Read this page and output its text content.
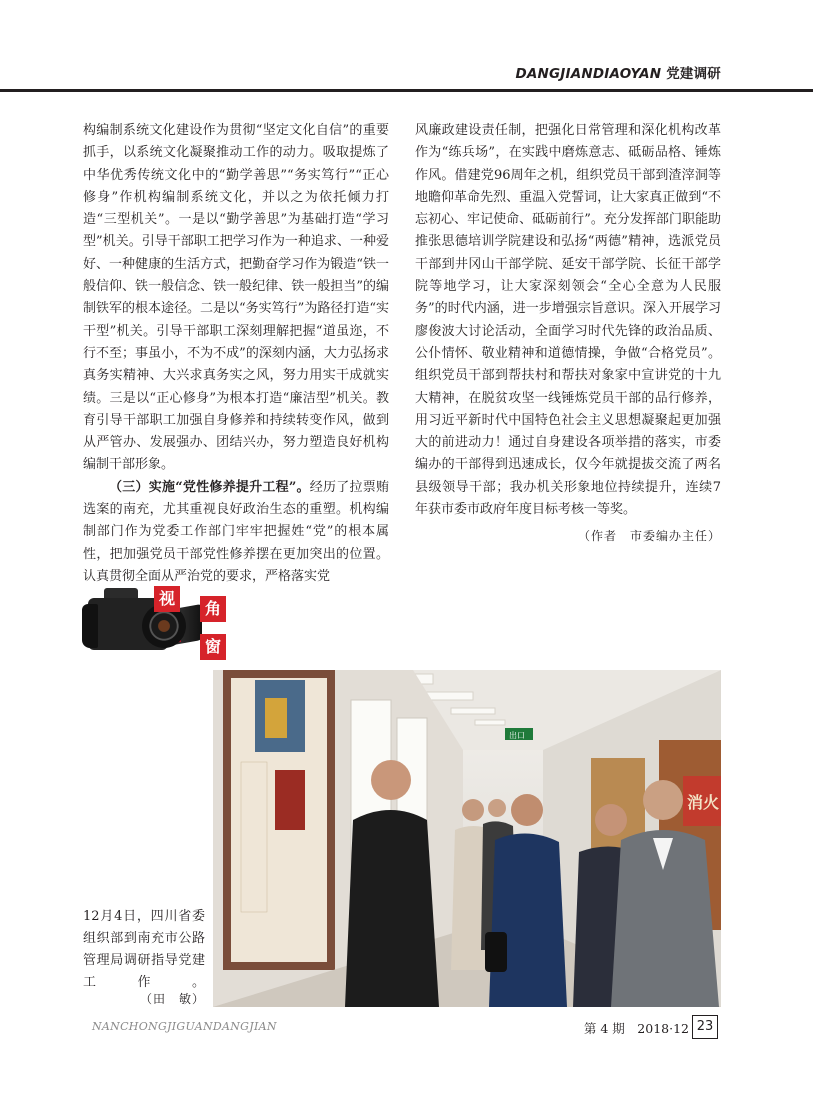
DANGJIANDIAOYAN 党建调研

构编制系统文化建设作为贯彻“坚定文化自信”的重要抓手，以系统文化凝聚推动工作的动力。吸取提炼了中华优秀传统文化中的“勤学善思”“务实笃行”“正心修身”作机构编制系统文化，并以之为依托倾力打造“三型机关”。一是以“勤学善思”为基础打造“学习型”机关。引导干部职工把学习作为一种追求、一种爱好、一种健康的生活方式，把勤奋学习作为锻造“铁一般信仰、铁一般信念、铁一般纪律、铁一般担当”的编制铁军的根本途径。二是以“务实笃行”为路径打造“实干型”机关。引导干部职工深刻理解把握“道虽迩，不行不至；事虽小，不为不成”的深刻内涵，大力弘扬求真务实精神、大兴求真务实之风，努力用实干成就实绩。三是以“正心修身”为根本打造“廉洁型”机关。教育引导干部职工加强自身修养和持续转变作风，做到从严管办、发展强办、团结兴办，努力塑造良好机构编制干部形象。

（三）实施“党性修养提升工程”。经历了拉票贿选案的南充，尤其重视良好政治生态的重塑。机构编制部门作为党委工作部门牢牢把握姓“党”的根本属性，把加强党员干部党性修养摆在更加突出的位置。认真贯彻全面从严治党的要求，严格落实党

风廉政建设责任制，把强化日常管理和深化机构改革作为“练兵场”，在实践中磨炼意志、砥砺品格、锤炼作风。借建党96周年之机，组织党员干部到渣滓洞等地瞻仰革命先烈、重温入党誓词，让大家真正做到“不忘初心、牢记使命、砥砺前行”。充分发挥部门职能助推张思德培训学院建设和弘扬“两德”精神，选派党员干部到井冈山干部学院、延安干部学院、长征干部学院等地学习，让大家深刻领会“全心全意为人民服务”的时代内涵，进一步增强宗旨意识。深入开展学习廖俊波大讨论活动，全面学习时代先锋的政治品质、公仆情怀、敬业精神和道德情操，争做“合格党员”。组织党员干部到帮扶村和帮扶对象家中宣讲党的十九大精神，在脱贫攻坚一线锤炼党员干部的品行修养，用习近平新时代中国特色社会主义思想凝聚起更加强大的前进动力！通过自身建设各项举措的落实，市委编办的干部得到迅速成长，仅今年就提拔交流了两名县级领导干部；我办机关形象地位持续提升，连续7年获市委市政府年度目标考核一等奖。

（作者　市委编办主任）

视
角
窗
消火
出口
12月4日，四川省委组织部到南充市公路管理局调研指导党建工作。
（田　敏）
NANCHONGJIGUANDANGJIAN	第 4 期　2018·12 23
